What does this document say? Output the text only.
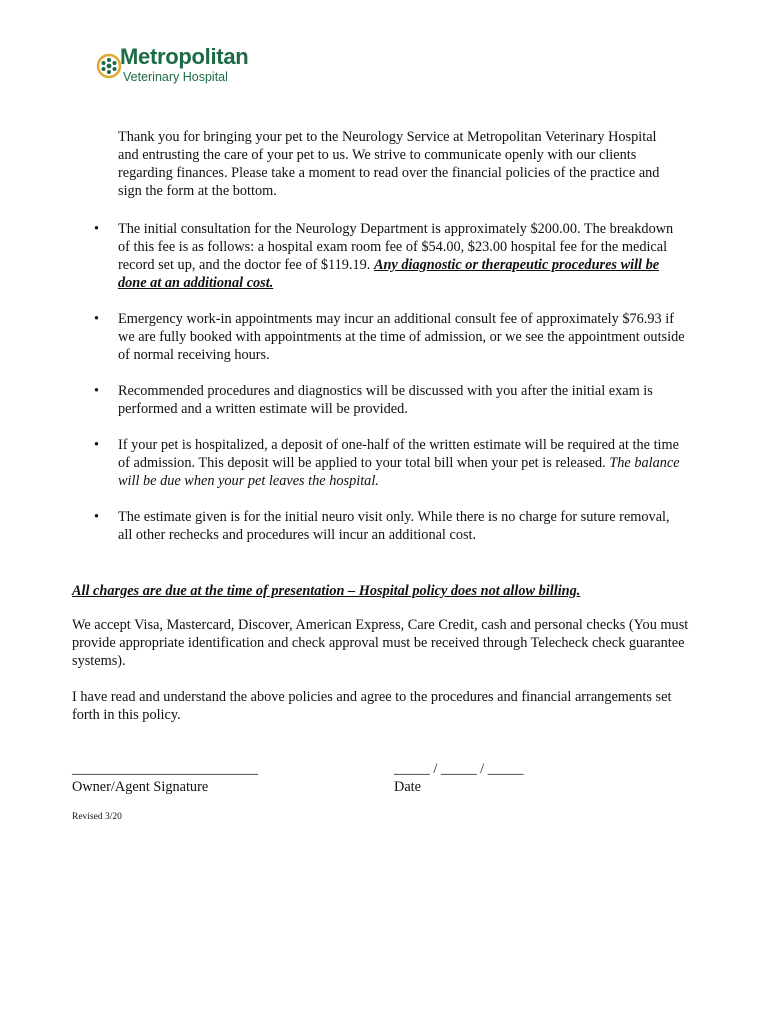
Metropolitan
Veterinary Hospital

Thank you for bringing your pet to the Neurology Service at Metropolitan Veterinary Hospital and entrusting the care of your pet to us. We strive to communicate openly with our clients regarding finances. Please take a moment to read over the financial policies of the practice and sign the form at the bottom.

• The initial consultation for the Neurology Department is approximately $200.00. The breakdown of this fee is as follows: a hospital exam room fee of $54.00, $23.00 hospital fee for the medical record set up, and the doctor fee of $119.19. Any diagnostic or therapeutic procedures will be done at an additional cost.
• Emergency work-in appointments may incur an additional consult fee of approximately $76.93 if we are fully booked with appointments at the time of admission, or we see the appointment outside of normal receiving hours.
• Recommended procedures and diagnostics will be discussed with you after the initial exam is performed and a written estimate will be provided.
• If your pet is hospitalized, a deposit of one-half of the written estimate will be required at the time of admission. This deposit will be applied to your total bill when your pet is released. The balance will be due when your pet leaves the hospital.
• The estimate given is for the initial neuro visit only. While there is no charge for suture removal, all other rechecks and procedures will incur an additional cost.
All charges are due at the time of presentation – Hospital policy does not allow billing.

We accept Visa, Mastercard, Discover, American Express, Care Credit, cash and personal checks (You must provide appropriate identification and check approval must be received through Telecheck check guarantee systems).

I have read and understand the above policies and agree to the procedures and financial arrangements set forth in this policy.

__________________________
Owner/Agent Signature
_____ / _____ / _____
Date
Revised 3/20
